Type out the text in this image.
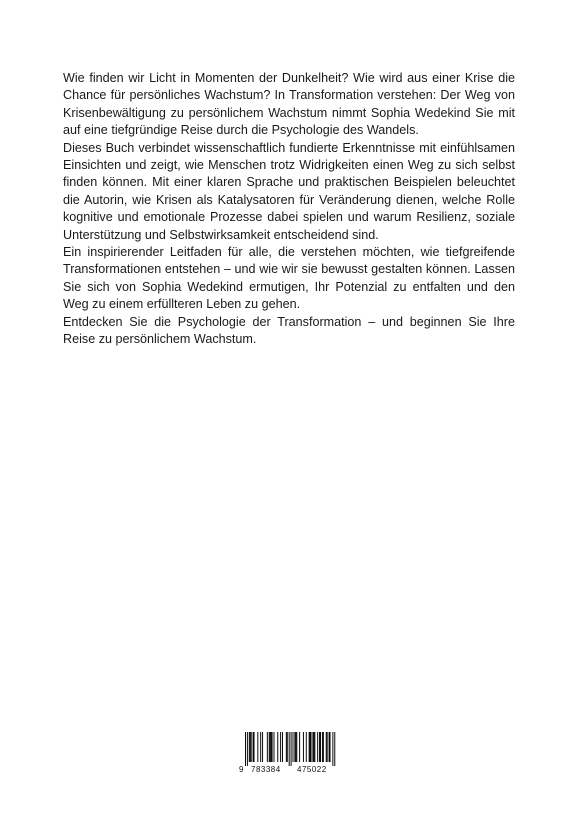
Wie finden wir Licht in Momenten der Dunkelheit? Wie wird aus einer Krise die Chance für persönliches Wachstum? In Transformation verstehen: Der Weg von Krisenbewältigung zu persönlichem Wachstum nimmt Sophia Wedekind Sie mit auf eine tiefgründige Reise durch die Psychologie des Wandels.

Dieses Buch verbindet wissenschaftlich fundierte Erkenntnisse mit einfühlsamen Einsichten und zeigt, wie Menschen trotz Widrigkeiten einen Weg zu sich selbst finden können. Mit einer klaren Sprache und praktischen Beispielen beleuchtet die Autorin, wie Krisen als Katalysatoren für Veränderung dienen, welche Rolle kognitive und emotionale Prozesse dabei spielen und warum Resilienz, soziale Unterstützung und Selbstwirksamkeit entscheidend sind.

Ein inspirierender Leitfaden für alle, die verstehen möchten, wie tiefgreifende Transformationen entstehen – und wie wir sie bewusst gestalten können. Lassen Sie sich von Sophia Wedekind ermutigen, Ihr Potenzial zu entfalten und den Weg zu einem erfüllteren Leben zu gehen.

Entdecken Sie die Psychologie der Transformation – und beginnen Sie Ihre Reise zu persönlichem Wachstum.

9 783384 475022
